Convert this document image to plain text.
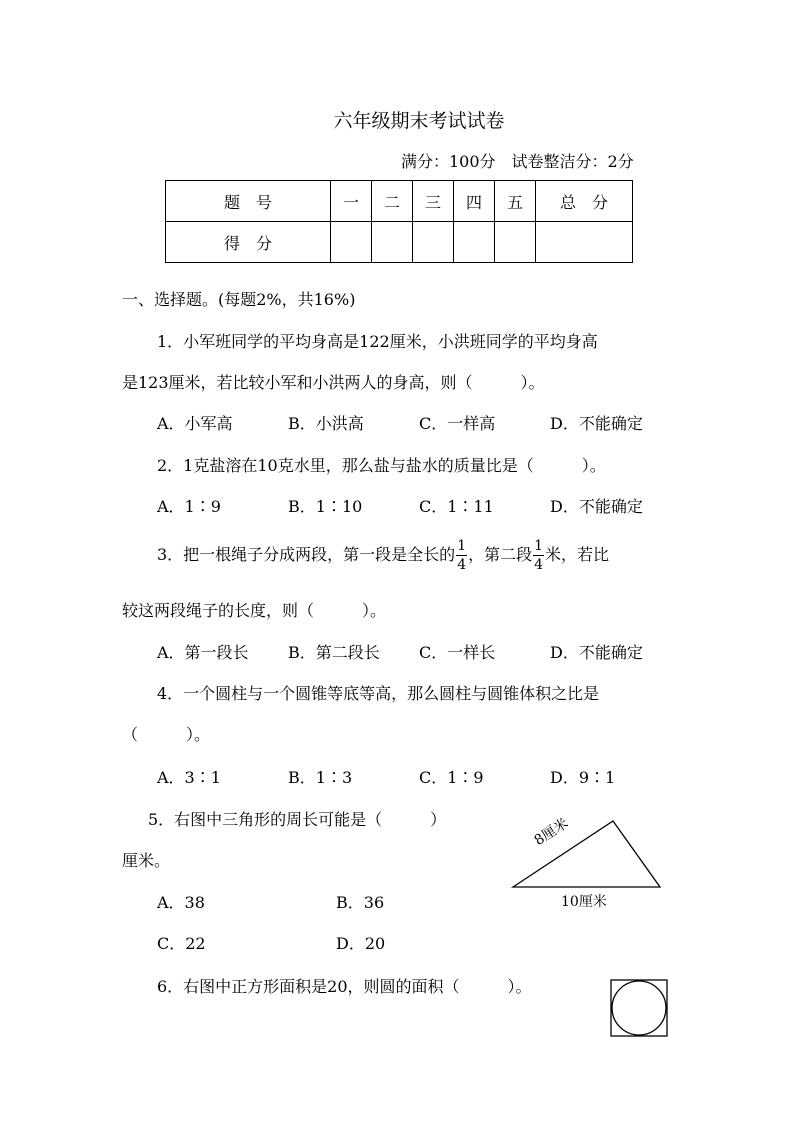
六年级期末考试试卷
满分：100分　试卷整洁分：2分
题　号	一	二	三	四	五	总　分
得　分						
一、选择题。(每题2%，共16%)
1．小军班同学的平均身高是122厘米，小洪班同学的平均身高
是123厘米，若比较小军和小洪两人的身高，则（　　　）。
A．小军高	B．小洪高	C．一样高	D．不能确定
2．1克盐溶在10克水里，那么盐与盐水的质量比是（　　　）。
A．1∶9	B．1∶10	C．1∶11	D．不能确定
3．把一根绳子分成两段，第一段是全长的 $\frac{1}{4}$ ，第二段 $\frac{1}{4}$ 米，若比
较这两段绳子的长度，则（　　　）。
A．第一段长 B．第二段长 C．一样长	D．不能确定
4．一个圆柱与一个圆锥等底等高，那么圆柱与圆锥体积之比是
（　　　）。
A．3∶1	B．1∶3	C．1∶9	D．9∶1
5．右图中三角形的周长可能是（　　　）
厘米。
A．38	B．36
C．22	D．20
8厘米
10厘米
6．右图中正方形面积是20，则圆的面积（　　　）。
